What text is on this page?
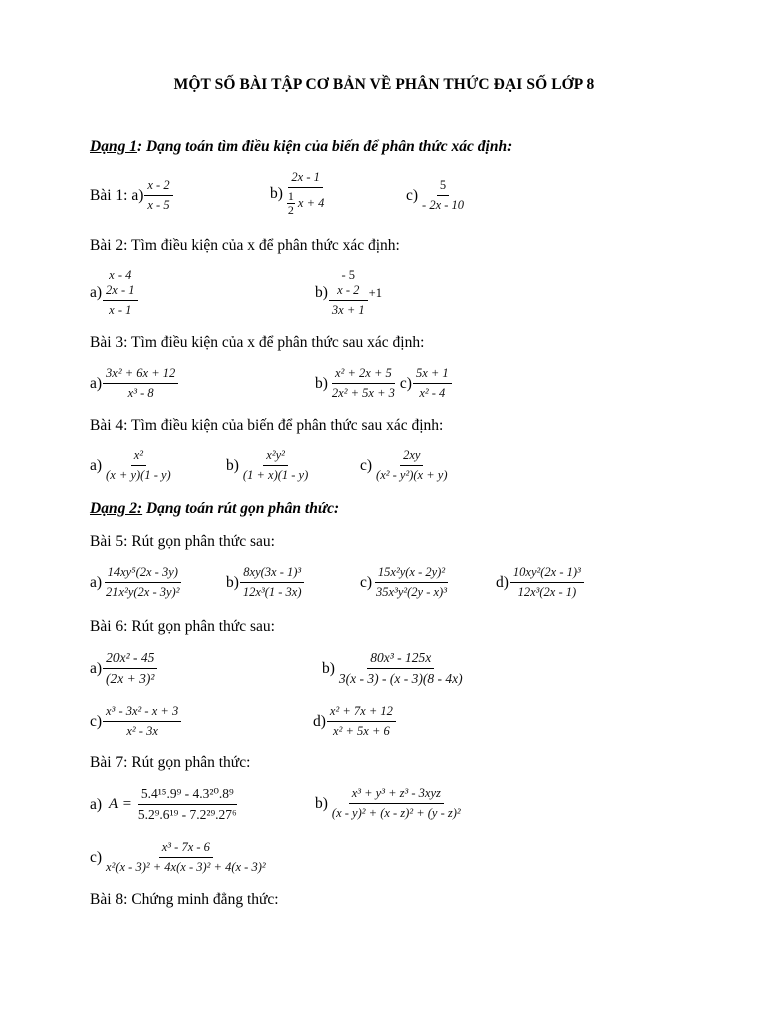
MỘT SỐ BÀI TẬP CƠ BẢN VỀ PHÂN THỨC ĐẠI SỐ LỚP 8
Dạng 1: Dạng toán tìm điều kiện của biến để phân thức xác định:
Bài 1: $a) \frac{x - 2}{x - 5}$	$b) \frac{2x - 1}{\frac{1}{2} x + 4}$	$c) \frac{5}{- 2x - 10}$
Bài 2: Tìm điều kiện của x để phân thức xác định:
a)
x - 4
2x - 1
x - 1
b)
- 5
x - 2
3x + 1
+1
Bài 3: Tìm điều kiện của x để phân thức sau xác định:
$a) \frac{\text{3x² + 6x + 12}}{\text{x³ - 8}}$	$b) \frac{\text{x² + 2x + 5}}{\text{2x² + 5x + 3}} c) \frac{5x + 1}{\text{x² - 4}}$
Bài 4: Tìm điều kiện của biến để phân thức sau xác định:
$a) \frac{\text{x²}}{(x + y)(1 - y)}$	$b) \frac{\text{x²y²}}{(1 + x)(1 - y)}$	$c) \frac{2xy}{\text{(x² - y²)(x + y)}}$
Dạng 2: Dạng toán rút gọn phân thức:
Bài 5: Rút gọn phân thức sau:
$a) \frac{\text{14xy⁵(2x - 3y)}}{\text{21x²y(2x - 3y)²}}$	$b) \frac{\text{8xy(3x - 1)³}}{\text{12x³(1 - 3x)}}$	$c) \frac{\text{15x²y(x - 2y)²}}{\text{35x³y²(2y - x)³}}$	$d) \frac{\text{10xy²(2x - 1)³}}{\text{12x³(2x - 1)}}$
Bài 6: Rút gọn phân thức sau:
$a) \frac{\text{20x² - 45}}{\text{(2x + 3)²}}$	$b) \frac{\text{80x³ - 125x}}{3(x - 3) - (x - 3)(8 - 4x)}$
$c) \frac{\text{x³ - 3x² - x + 3}}{\text{x² - 3x}}$	$d) \frac{\text{x² + 7x + 12}}{\text{x² + 5x + 6}}$
Bài 7: Rút gọn phân thức:
a) $A = \frac{\text{5.4¹⁵.9⁹ - 4.3²⁰.8⁹}}{\text{5.2⁹.6¹⁹ - 7.2²⁹.27⁶}}$	$b) \frac{\text{x³ + y³ + z³ - 3xyz}}{\text{(x - y)² + (x - z)² + (y - z)²}}$
$c) \frac{\text{x³ - 7x - 6}}{\text{x²(x - 3)² + 4x(x - 3)² + 4(x - 3)²}}$
Bài 8: Chứng minh đẳng thức:
